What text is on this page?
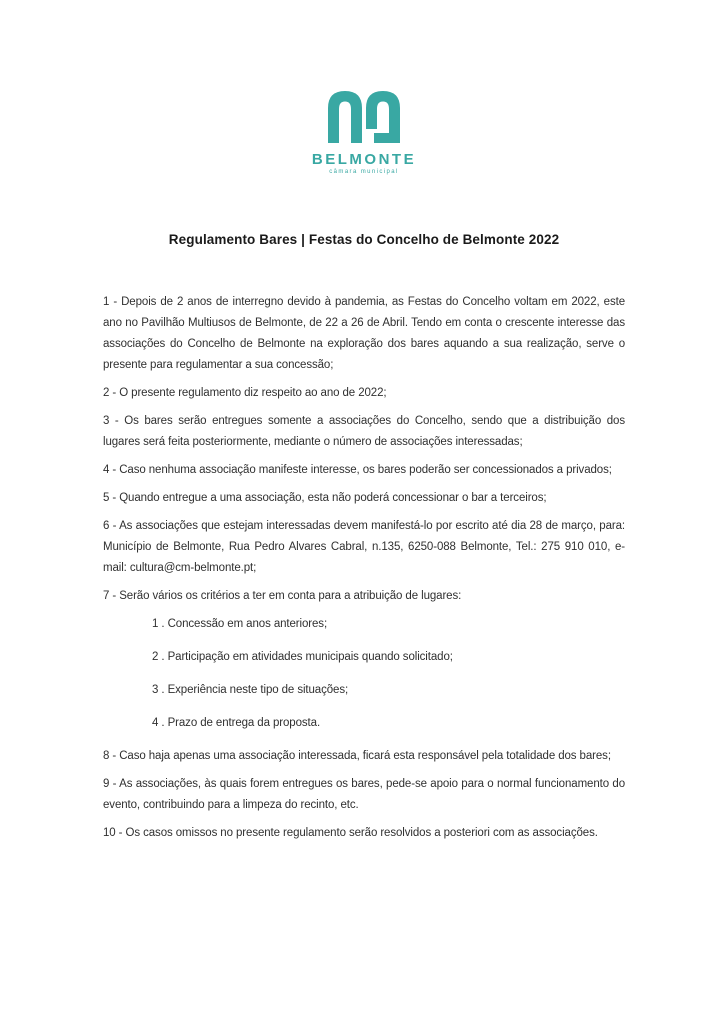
BELMONTE
câmara municipal
Regulamento Bares | Festas do Concelho de Belmonte 2022

1 - Depois de 2 anos de interregno devido à pandemia, as Festas do Concelho voltam em 2022, este ano no Pavilhão Multiusos de Belmonte, de 22 a 26 de Abril. Tendo em conta o crescente interesse das associações do Concelho de Belmonte na exploração dos bares aquando a sua realização, serve o presente para regulamentar a sua concessão;

2 - O presente regulamento diz respeito ao ano de 2022;

3 - Os bares serão entregues somente a associações do Concelho, sendo que a distribuição dos lugares será feita posteriormente, mediante o número de associações interessadas;

4 - Caso nenhuma associação manifeste interesse, os bares poderão ser concessionados a privados;

5 - Quando entregue a uma associação, esta não poderá concessionar o bar a terceiros;

6 - As associações que estejam interessadas devem manifestá-lo por escrito até dia 28 de março, para: Município de Belmonte, Rua Pedro Alvares Cabral, n.135, 6250-088 Belmonte, Tel.: 275 910 010, e-mail: cultura@cm-belmonte.pt;

7 - Serão vários os critérios a ter em conta para a atribuição de lugares:

1 . Concessão em anos anteriores;
2 . Participação em atividades municipais quando solicitado;
3 . Experiência neste tipo de situações;
4 . Prazo de entrega da proposta.

8 - Caso haja apenas uma associação interessada, ficará esta responsável pela totalidade dos bares;

9 - As associações, às quais forem entregues os bares, pede-se apoio para o normal funcionamento do evento, contribuindo para a limpeza do recinto, etc.

10 - Os casos omissos no presente regulamento serão resolvidos a posteriori com as associações.
